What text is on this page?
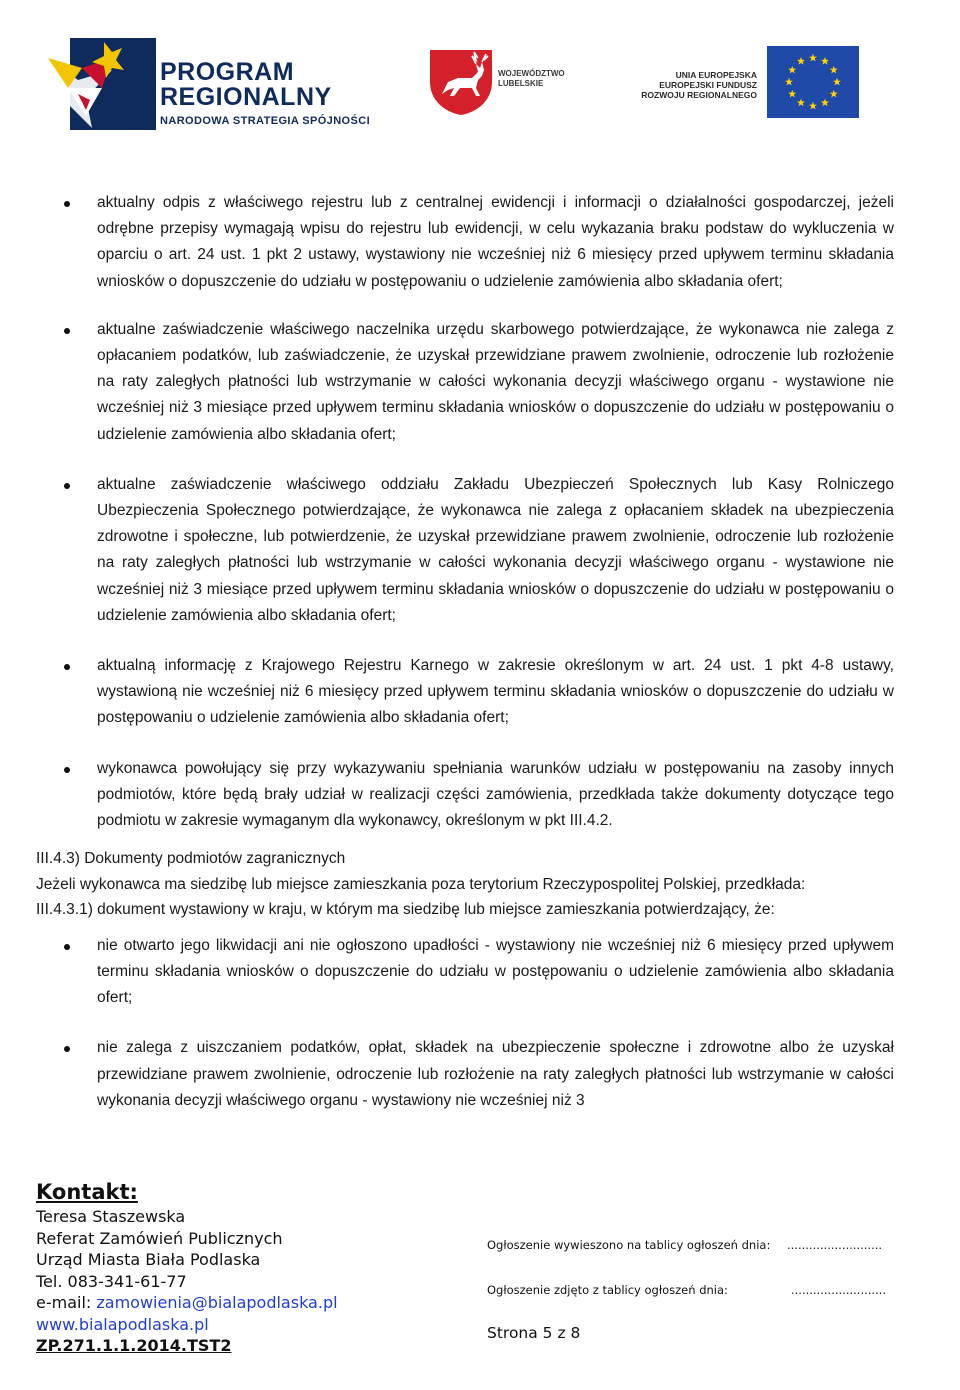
PROGRAM
REGIONALNY
NARODOWA STRATEGIA SPÓJNOŚCI
WOJEWÓDZTWO
LUBELSKIE
UNIA EUROPEJSKA
EUROPEJSKI FUNDUSZ
ROZWOJU REGIONALNEGO
aktualny odpis z właściwego rejestru lub z centralnej ewidencji i informacji o działalności gospodarczej, jeżeli odrębne przepisy wymagają wpisu do rejestru lub ewidencji, w celu wykazania braku podstaw do wykluczenia w oparciu o art. 24 ust. 1 pkt 2 ustawy, wystawiony nie wcześniej niż 6 miesięcy przed upływem terminu składania wniosków o dopuszczenie do udziału w postępowaniu o udzielenie zamówienia albo składania ofert;
aktualne zaświadczenie właściwego naczelnika urzędu skarbowego potwierdzające, że wykonawca nie zalega z opłacaniem podatków, lub zaświadczenie, że uzyskał przewidziane prawem zwolnienie, odroczenie lub rozłożenie na raty zaległych płatności lub wstrzymanie w całości wykonania decyzji właściwego organu - wystawione nie wcześniej niż 3 miesiące przed upływem terminu składania wniosków o dopuszczenie do udziału w postępowaniu o udzielenie zamówienia albo składania ofert;
aktualne zaświadczenie właściwego oddziału Zakładu Ubezpieczeń Społecznych lub Kasy Rolniczego Ubezpieczenia Społecznego potwierdzające, że wykonawca nie zalega z opłacaniem składek na ubezpieczenia zdrowotne i społeczne, lub potwierdzenie, że uzyskał przewidziane prawem zwolnienie, odroczenie lub rozłożenie na raty zaległych płatności lub wstrzymanie w całości wykonania decyzji właściwego organu - wystawione nie wcześniej niż 3 miesiące przed upływem terminu składania wniosków o dopuszczenie do udziału w postępowaniu o udzielenie zamówienia albo składania ofert;
aktualną informację z Krajowego Rejestru Karnego w zakresie określonym w art. 24 ust. 1 pkt 4-8 ustawy, wystawioną nie wcześniej niż 6 miesięcy przed upływem terminu składania wniosków o dopuszczenie do udziału w postępowaniu o udzielenie zamówienia albo składania ofert;
wykonawca powołujący się przy wykazywaniu spełniania warunków udziału w postępowaniu na zasoby innych podmiotów, które będą brały udział w realizacji części zamówienia, przedkłada także dokumenty dotyczące tego podmiotu w zakresie wymaganym dla wykonawcy, określonym w pkt III.4.2.

III.4.3) Dokumenty podmiotów zagranicznych

Jeżeli wykonawca ma siedzibę lub miejsce zamieszkania poza terytorium Rzeczypospolitej Polskiej, przedkłada:

III.4.3.1) dokument wystawiony w kraju, w którym ma siedzibę lub miejsce zamieszkania potwierdzający, że:

nie otwarto jego likwidacji ani nie ogłoszono upadłości - wystawiony nie wcześniej niż 6 miesięcy przed upływem terminu składania wniosków o dopuszczenie do udziału w postępowaniu o udzielenie zamówienia albo składania ofert;
nie zalega z uiszczaniem podatków, opłat, składek na ubezpieczenie społeczne i zdrowotne albo że uzyskał przewidziane prawem zwolnienie, odroczenie lub rozłożenie na raty zaległych płatności lub wstrzymanie w całości wykonania decyzji właściwego organu - wystawiony nie wcześniej niż 3
Kontakt:
Teresa Staszewska
Referat Zamówień Publicznych
Urząd Miasta Biała Podlaska
Tel. 083-341-61-77
e-mail: zamowienia@bialapodlaska.pl
www.bialapodlaska.pl
ZP.271.1.1.2014.TST2
Ogłoszenie wywieszono na tablicy ogłoszeń dnia: ..........................
Ogłoszenie zdjęto z tablicy ogłoszeń dnia:	..........................
Strona 5 z 8
